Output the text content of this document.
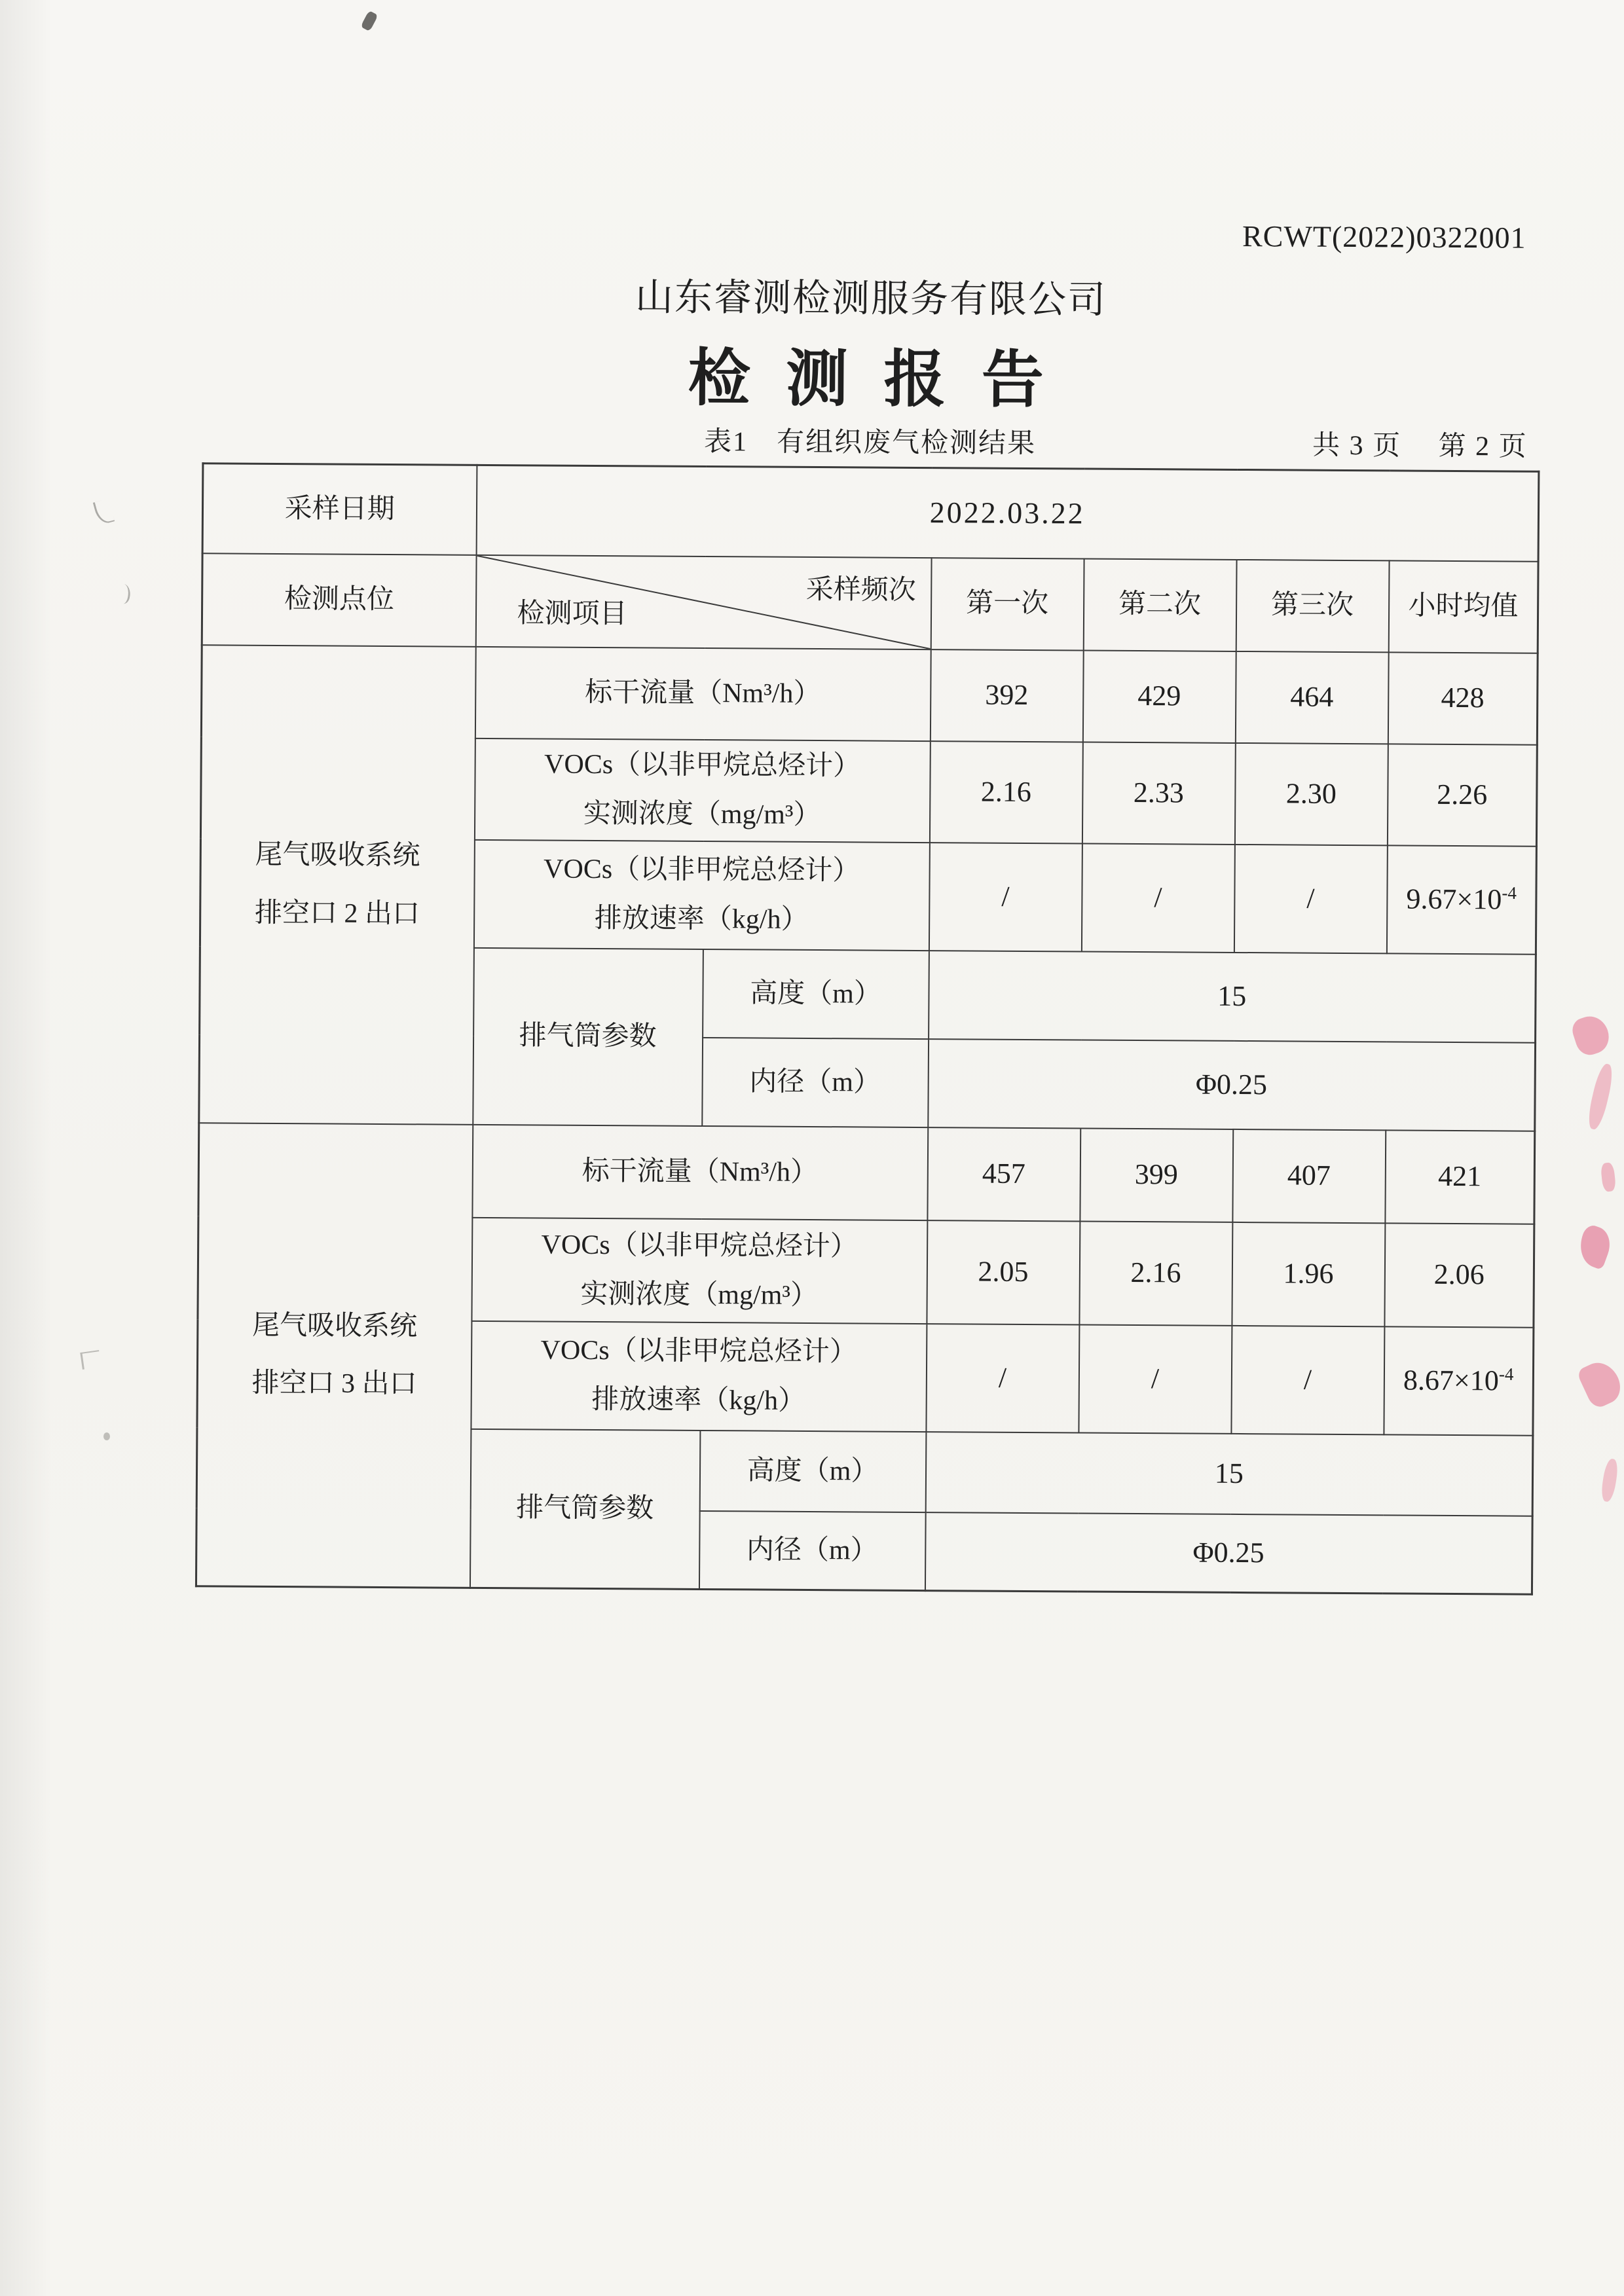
RCWT(2022)0322001
山东睿测检测服务有限公司
检 测 报 告
表1　有组织废气检测结果	共 3 页 第 2 页
采样日期	2022.03.22					
检测点位	采样频次
检测项目		第一次	第二次	第三次	小时均值

尾气吸收系统
排空口 2 出口	标干流量（Nm³/h）		392	429	464	428

	VOCs（以非甲烷总烃计）
实测浓度（mg/m³）		2.16	2.33	2.30	2.26

	VOCs（以非甲烷总烃计）
排放速率（kg/h）		/	/	/	$9.67\times 10^{-4}$
	排气筒参数	高度（m）	15			
		内径（m）	Φ0.25			

尾气吸收系统
排空口 3 出口	标干流量（Nm³/h）		457	399	407	421

	VOCs（以非甲烷总烃计）
实测浓度（mg/m³）		2.05	2.16	1.96	2.06

	VOCs（以非甲烷总烃计）
排放速率（kg/h）		/	/	/	$8.67\times 10^{-4}$
	排气筒参数	高度（m）	15			
		内径（m）	Φ0.25			
